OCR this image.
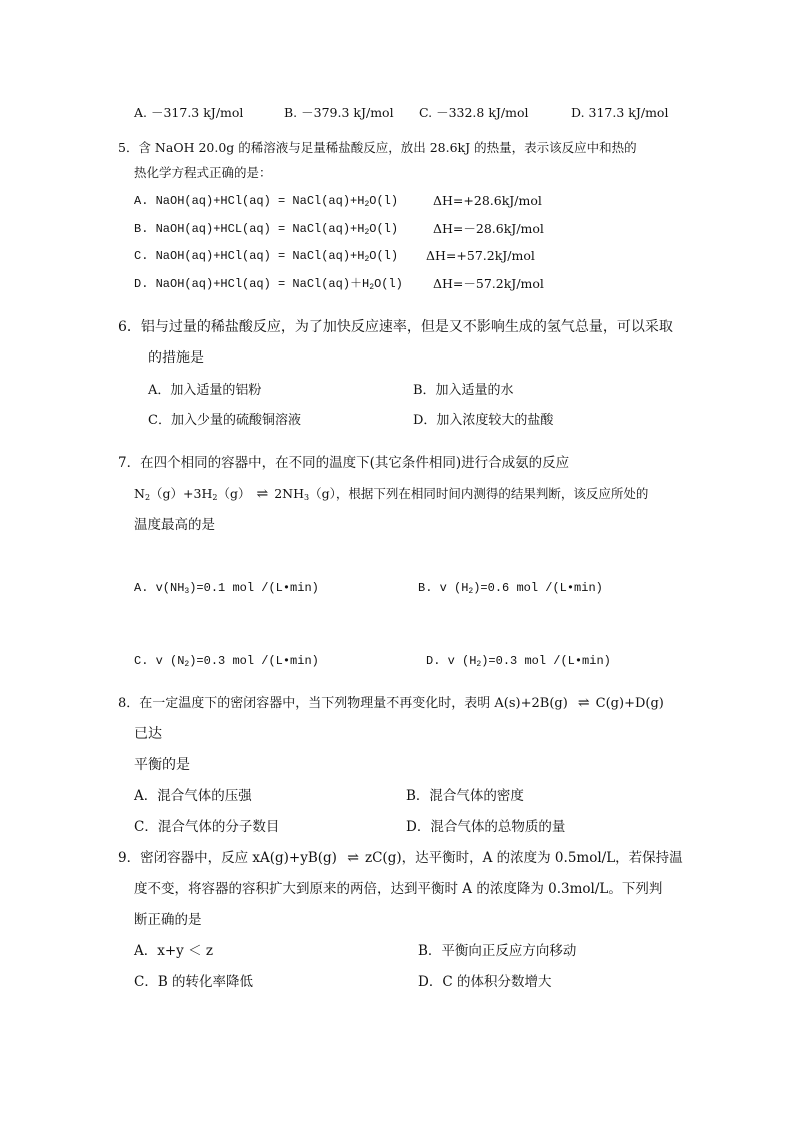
A. －317.3 kJ/mol	B. －379.3 kJ/mol C. －332.8 kJ/mol	D. 317.3 kJ/mol
5．含 NaOH 20.0g 的稀溶液与足量稀盐酸反应，放出 28.6kJ 的热量，表示该反应中和热的
热化学方程式正确的是：
A. NaOH(aq)+HCl(aq) = $NaCl(aq)+H_2O(l)$	ΔH=+28.6kJ/mol
B. NaOH(aq)+HCL(aq) = $NaCl(aq)+H_2O(l)$	ΔH=－28.6kJ/mol
C. NaOH(aq)+HCl(aq) = $NaCl(aq)+H_2O(l)$ ΔH=+57.2kJ/mol
D. NaOH(aq)+HCl(aq) = $NaCl(aq)+H_2O(l)$ ΔH=－57.2kJ/mol
6．铝与过量的稀盐酸反应，为了加快反应速率，但是又不影响生成的氢气总量，可以采取
的措施是
A．加入适量的铝粉	B．加入适量的水
C．加入少量的硫酸铜溶液	D．加入浓度较大的盐酸
7．在四个相同的容器中，在不同的温度下(其它条件相同)进行合成氨的反应
$N_2(g)+3H_2(g)$ ⇌ $2NH_3(g)$，根据下列在相同时间内测得的结果判断，该反应所处的
温度最高的是
A. $v(NH_3)=0.1$ mol /(L•min)	B. v $(H_2)=0.6$ mol /(L•min)
C. v $(N_2)=0.3$ mol /(L•min)	D. v $(H_2)=0.3$ mol /(L•min)
8．在一定温度下的密闭容器中，当下列物理量不再变化时，表明 A(s)+2B(g) ⇌ C(g)+D(g)
已达
平衡的是
A．混合气体的压强	B．混合气体的密度
C．混合气体的分子数目	D．混合气体的总物质的量
9．密闭容器中，反应 xA(g)+yB(g) ⇌ zC(g)，达平衡时，A 的浓度为 0.5mol/L，若保持温
度不变，将容器的容积扩大到原来的两倍，达到平衡时 A 的浓度降为 0.3mol/L。下列判
断正确的是
A．x+y ＜ z	B．平衡向正反应方向移动
C．B 的转化率降低	D．C 的体积分数增大
